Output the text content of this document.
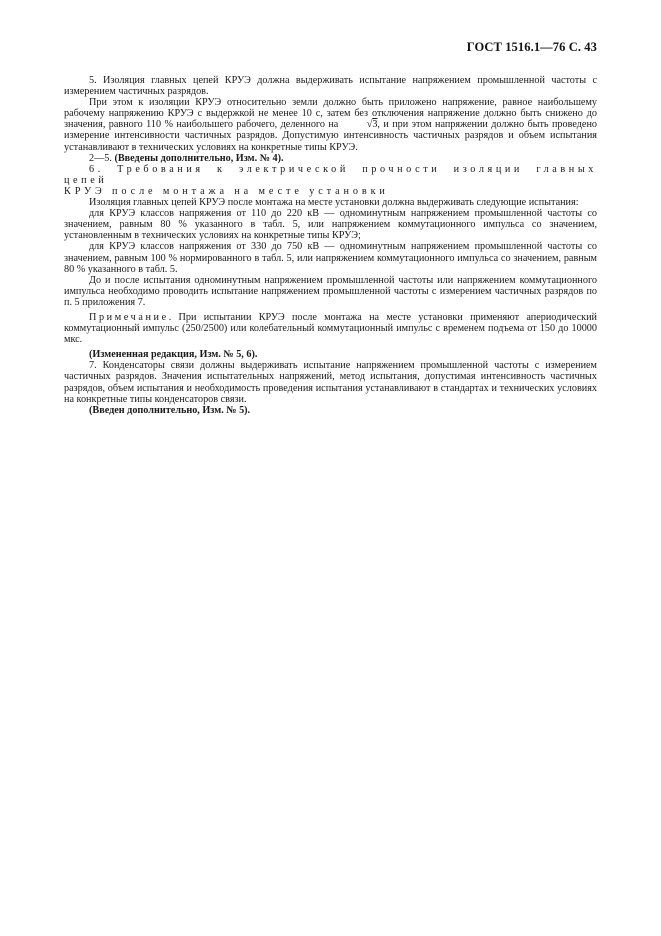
ГОСТ 1516.1—76 С. 43

5. Изоляция главных цепей КРУЭ должна выдерживать испытание напряжением промышленной частоты с измерением частичных разрядов.

При этом к изоляции КРУЭ относительно земли должно быть приложено напряжение, равное наибольшему рабочему напряжению КРУЭ с выдержкой не менее 10 с, затем без отключения напряжение должно быть снижено до значения, равного 110 % наибольшего рабочего, деленного на √3, и при этом напряжении должно быть проведено измерение интенсивности частичных разрядов. Допустимую интенсивность частичных разрядов и объем испытания устанавливают в технических условиях на конкретные типы КРУЭ.

2—5. (Введены дополнительно, Изм. № 4).

6. Требования к электрической прочности изоляции главных цепей

КРУЭ после монтажа на месте установки

Изоляция главных цепей КРУЭ после монтажа на месте установки должна выдерживать следующие испытания:

для КРУЭ классов напряжения от 110 до 220 кВ — одноминутным напряжением промышленной частоты со значением, равным 80 % указанного в табл. 5, или напряжением коммутационного импульса со значением, установленным в технических условиях на конкретные типы КРУЭ;

для КРУЭ классов напряжения от 330 до 750 кВ — одноминутным напряжением промышленной частоты со значением, равным 100 % нормированного в табл. 5, или напряжением коммутационного импульса со значением, равным 80 % указанного в табл. 5.

До и после испытания одноминутным напряжением промышленной частоты или напряжением коммутационного импульса необходимо проводить испытание напряжением промышленной частоты с измерением частичных разрядов по п. 5 приложения 7.

Примечание. При испытании КРУЭ после монтажа на месте установки применяют апериодический коммутационный импульс (250/2500) или колебательный коммутационный импульс с временем подъема от 150 до 10000 мкс.

(Измененная редакция, Изм. № 5, 6).

7. Конденсаторы связи должны выдерживать испытание напряжением промышленной частоты с измерением частичных разрядов. Значения испытательных напряжений, метод испытания, допустимая интенсивность частичных разрядов, объем испытания и необходимость проведения испытания устанавливают в стандартах и технических условиях на конкретные типы конденсаторов связи.

(Введен дополнительно, Изм. № 5).
